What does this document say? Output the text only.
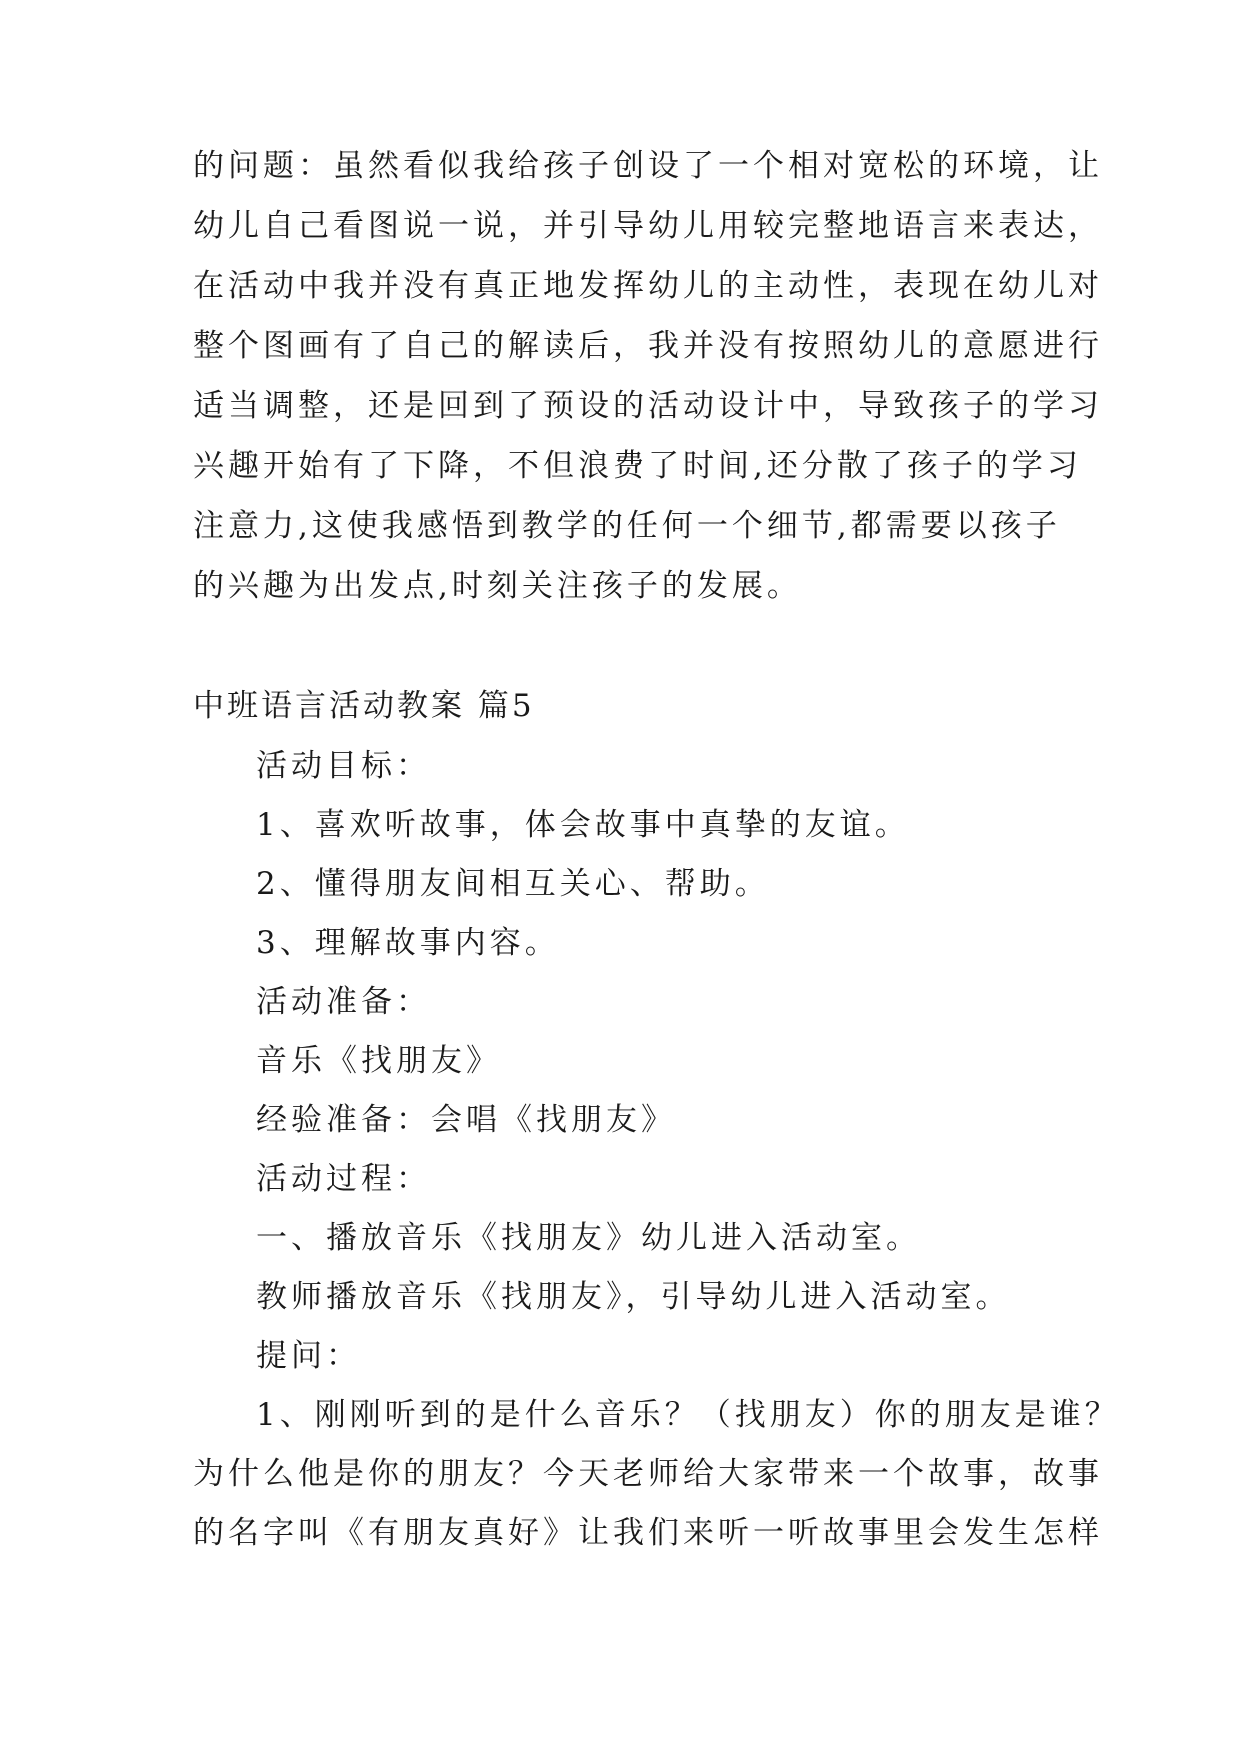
的问题：虽然看似我给孩子创设了一个相对宽松的环境，让
幼儿自己看图说一说，并引导幼儿用较完整地语言来表达，
在活动中我并没有真正地发挥幼儿的主动性，表现在幼儿对
整个图画有了自己的解读后，我并没有按照幼儿的意愿进行
适当调整，还是回到了预设的活动设计中，导致孩子的学习
兴趣开始有了下降，不但浪费了时间,还分散了孩子的学习
注意力,这使我感悟到教学的任何一个细节,都需要以孩子
的兴趣为出发点,时刻关注孩子的发展。
中班语言活动教案 篇5
活动目标：
1、喜欢听故事，体会故事中真挚的友谊。
2、懂得朋友间相互关心、帮助。
3、理解故事内容。
活动准备：
音乐《找朋友》
经验准备：会唱《找朋友》
活动过程：
一、播放音乐《找朋友》幼儿进入活动室。
教师播放音乐《找朋友》，引导幼儿进入活动室。
提问：
1、刚刚听到的是什么音乐？（找朋友）你的朋友是谁？
为什么他是你的朋友？今天老师给大家带来一个故事，故事
的名字叫《有朋友真好》让我们来听一听故事里会发生怎样
